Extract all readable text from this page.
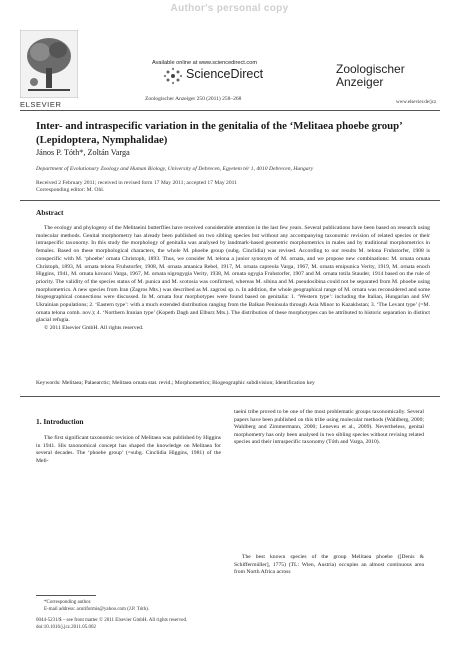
Author's personal copy
ELSEVIER
Available online at www.sciencedirect.com
ScienceDirect
Zoologischer Anzeiger 250 (2011) 258–268
Zoologischer
Anzeiger
www.elsevier.de/jcz
Inter- and intraspecific variation in the genitalia of the ‘Melitaea phoebe group’ (Lepidoptera, Nymphalidae)
János P. Tóth*, Zoltán Varga
Department of Evolutionary Zoology and Human Biology, University of Debrecen, Egyetem tér 1, 4010 Debrecen, Hungary
Received 2 February 2011; received in revised form 17 May 2011; accepted 17 May 2011
Corresponding editor: M. Ohl.
Abstract

The ecology and phylogeny of the Melitaeini butterflies have received considerable attention in the last few years. Several publications have been based on research using molecular methods. Genital morphometry has already been published on two sibling species but without any accompanying taxonomic revision of related species or their intraspecific taxonomy. In this study the morphology of genitalia was analysed by landmark-based geometric morphometrics in males and by traditional morphometrics in females. Based on these morphological characters, the whole M. phoebe group (subg. Cinclidia) was revised. According to our results M. telona Fruhstorfer, 1908 is conspecific with M. ‘phoebe’ ornata Christoph, 1893. Thus, we consider M. telona a junior synonym of M. ornata, and we propose new combinations: M. ornata ornata Christoph, 1893, M. ornata telona Fruhstorfer, 1908, M. ornata amanica Rebel, 1917, M. ornata capreola Varga, 1967, M. ornata emipunica Verity, 1919, M. ornata enoch Higgins, 1941, M. ornata kovacsi Varga, 1967, M. ornata nigrogygia Verity, 1938, M. ornata ogygia Fruhstorfer, 1907 and M. ornata totila Stauder, 1914 based on the rule of priority. The validity of the species status of M. punica and M. scotosia was confirmed, whereas M. sibina and M. pseudosibina could not be separated from M. phoebe using morphometrics. A new species from Iran (Zagros Mts.) was described as M. zagrosi sp. n. In addition, the whole geographical range of M. ornata was reconsidered and some biogeographical connections were discussed. In M. ornata four morphotypes were found based on genitalia: 1. ‘Western type’: including the Italian, Hungarian and SW Ukrainian populations; 2. ‘Eastern type’: with a much extended distribution ranging from the Balkan Peninsula through Asia Minor to Kazakhstan; 3. ‘The Levant type’ (=M. ornata telona comb. nov.); 4. ‘Northern Iranian type’ (Kopeth Dagh and Elburz Mts.). The distribution of these morphotypes can be attributed to historic separation in distinct glacial refugia.

© 2011 Elsevier GmbH. All rights reserved.

Keywords: Melitaea; Palaearctic; Melitaea ornata stat. revid.; Morphometrics; Biogeographic subdivision; Identification key
1. Introduction

The first significant taxonomic revision of Melitaea was published by Higgins in 1941. His taxonomical concept has shaped the knowledge on Melitaea for several decades. The ‘phoebe group’ (=subg. Cinclidia Higgins, 1981) of the Meli-

taeini tribe proved to be one of the most problematic groups taxonomically. Several papers have been published on this tribe using molecular methods (Wahlberg, 2000; Wahlberg and Zimmermann, 2000; Leneveu et al., 2009). Nevertheless, genital morphometry has only been analysed in two sibling species without revising related species and their intraspecific taxonomy (Tóth and Varga, 2010).

The best known species of the group Melitaea phoebe ([Denis & Schiffermüller], 1775) (TL: Wien, Austria) occupies an almost continuous area from North Africa across

*Corresponding author.
E-mail address: acutiformis@yahoo.com (J.P. Tóth).
0044-5231/$ – see front matter © 2011 Elsevier GmbH. All rights reserved.
doi:10.1016/j.jcz.2011.05.002
